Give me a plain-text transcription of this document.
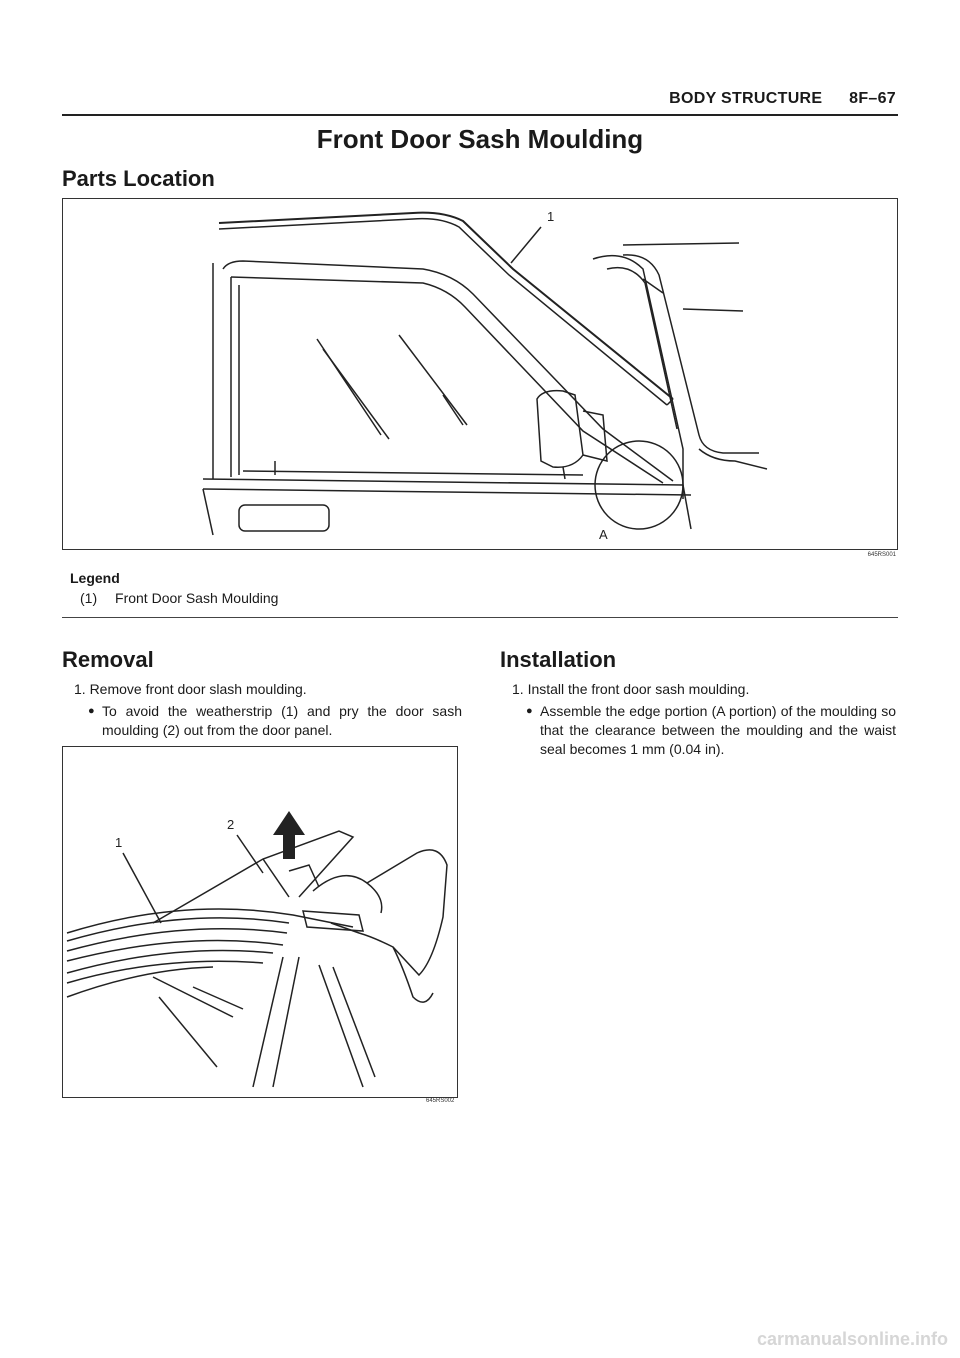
BODY STRUCTURE 8F–67
Front Door Sash Moulding
Parts Location
1
A
645RS001
Legend
(1) Front Door Sash Moulding
Removal
1. Remove front door slash moulding.
● To avoid the weatherstrip (1) and pry the door sash moulding (2) out from the door panel.
1
2
645RS002
Installation
1. Install the front door sash moulding.
● Assemble the edge portion (A portion) of the moulding so that the clearance between the moulding and the waist seal becomes 1 mm (0.04 in).
carmanualsonline.info
